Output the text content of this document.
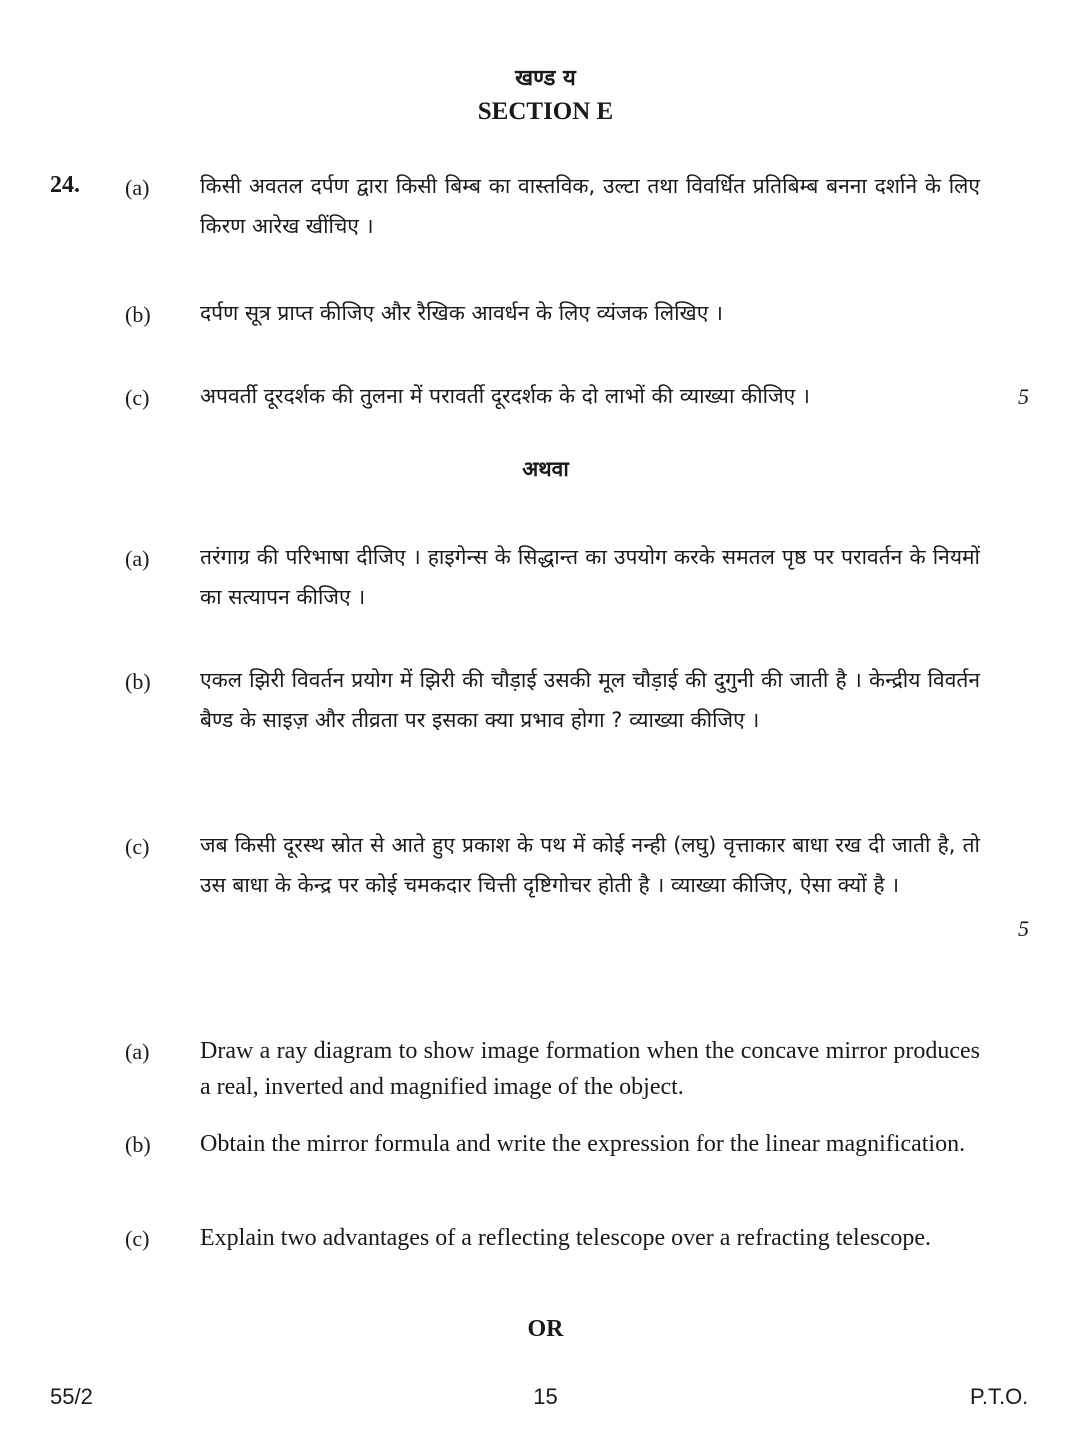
खण्ड य
SECTION E
24. (a) किसी अवतल दर्पण द्वारा किसी बिम्ब का वास्तविक, उल्टा तथा विवर्धित प्रतिबिम्ब बनना दर्शाने के लिए किरण आरेख खींचिए ।
(b) दर्पण सूत्र प्राप्त कीजिए और रैखिक आवर्धन के लिए व्यंजक लिखिए ।
(c) अपवर्ती दूरदर्शक की तुलना में परावर्ती दूरदर्शक के दो लाभों की व्याख्या कीजिए ।	5
अथवा
(a) तरंगाग्र की परिभाषा दीजिए । हाइगेन्स के सिद्धान्त का उपयोग करके समतल पृष्ठ पर परावर्तन के नियमों का सत्यापन कीजिए ।
(b) एकल झिरी विवर्तन प्रयोग में झिरी की चौड़ाई उसकी मूल चौड़ाई की दुगुनी की जाती है । केन्द्रीय विवर्तन बैण्ड के साइज़ और तीव्रता पर इसका क्या प्रभाव होगा ? व्याख्या कीजिए ।
(c) जब किसी दूरस्थ स्रोत से आते हुए प्रकाश के पथ में कोई नन्ही (लघु) वृत्ताकार बाधा रख दी जाती है, तो उस बाधा के केन्द्र पर कोई चमकदार चित्ती दृष्टिगोचर होती है । व्याख्या कीजिए, ऐसा क्यों है ।
5
(a) Draw a ray diagram to show image formation when the concave mirror produces a real, inverted and magnified image of the object.
(b) Obtain the mirror formula and write the expression for the linear magnification.
(c) Explain two advantages of a reflecting telescope over a refracting telescope.
OR
55/2	15	P.T.O.
